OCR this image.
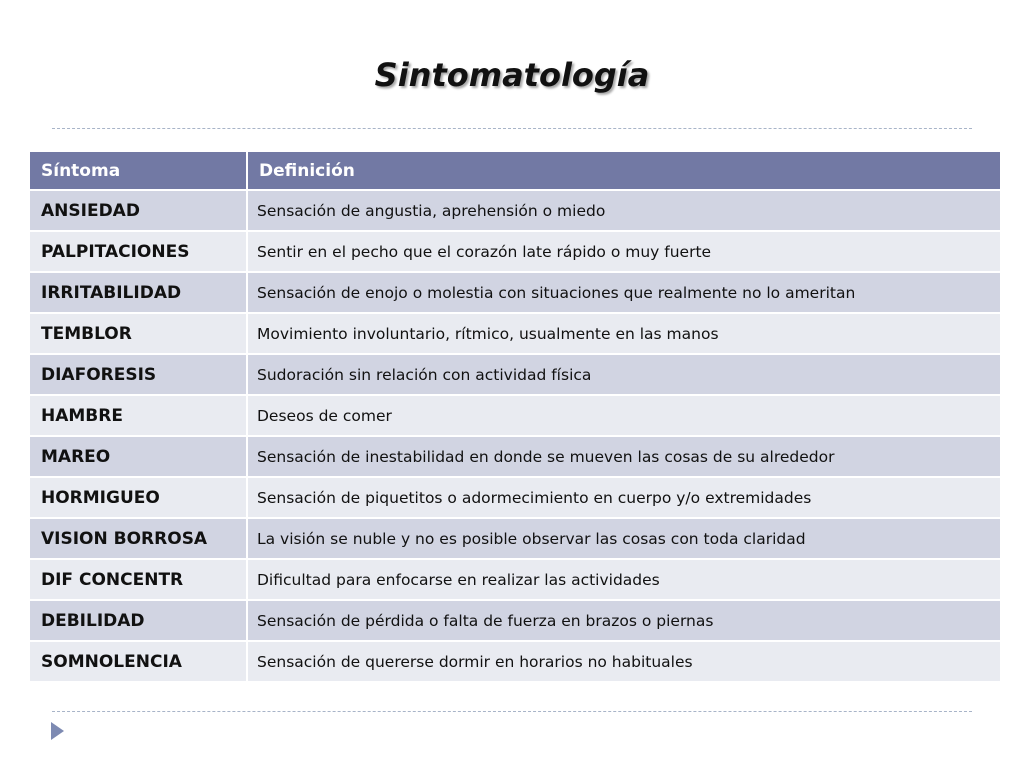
Sintomatología
Síntoma	Definición
ANSIEDAD	Sensación de angustia, aprehensión o miedo
PALPITACIONES	Sentir en el pecho que el corazón late rápido o muy fuerte
IRRITABILIDAD	Sensación de enojo o molestia con situaciones que realmente no lo ameritan
TEMBLOR	Movimiento involuntario, rítmico, usualmente en las manos
DIAFORESIS	Sudoración sin relación con actividad física
HAMBRE	Deseos de comer
MAREO	Sensación de inestabilidad en donde se mueven las cosas de su alrededor
HORMIGUEO	Sensación de piquetitos o adormecimiento en cuerpo y/o extremidades
VISION BORROSA	La visión se nuble y no es posible observar las cosas con toda claridad
DIF CONCENTR	Dificultad para enfocarse en realizar las actividades
DEBILIDAD	Sensación de pérdida o falta de fuerza en brazos o piernas
SOMNOLENCIA	Sensación de quererse dormir en horarios no habituales
